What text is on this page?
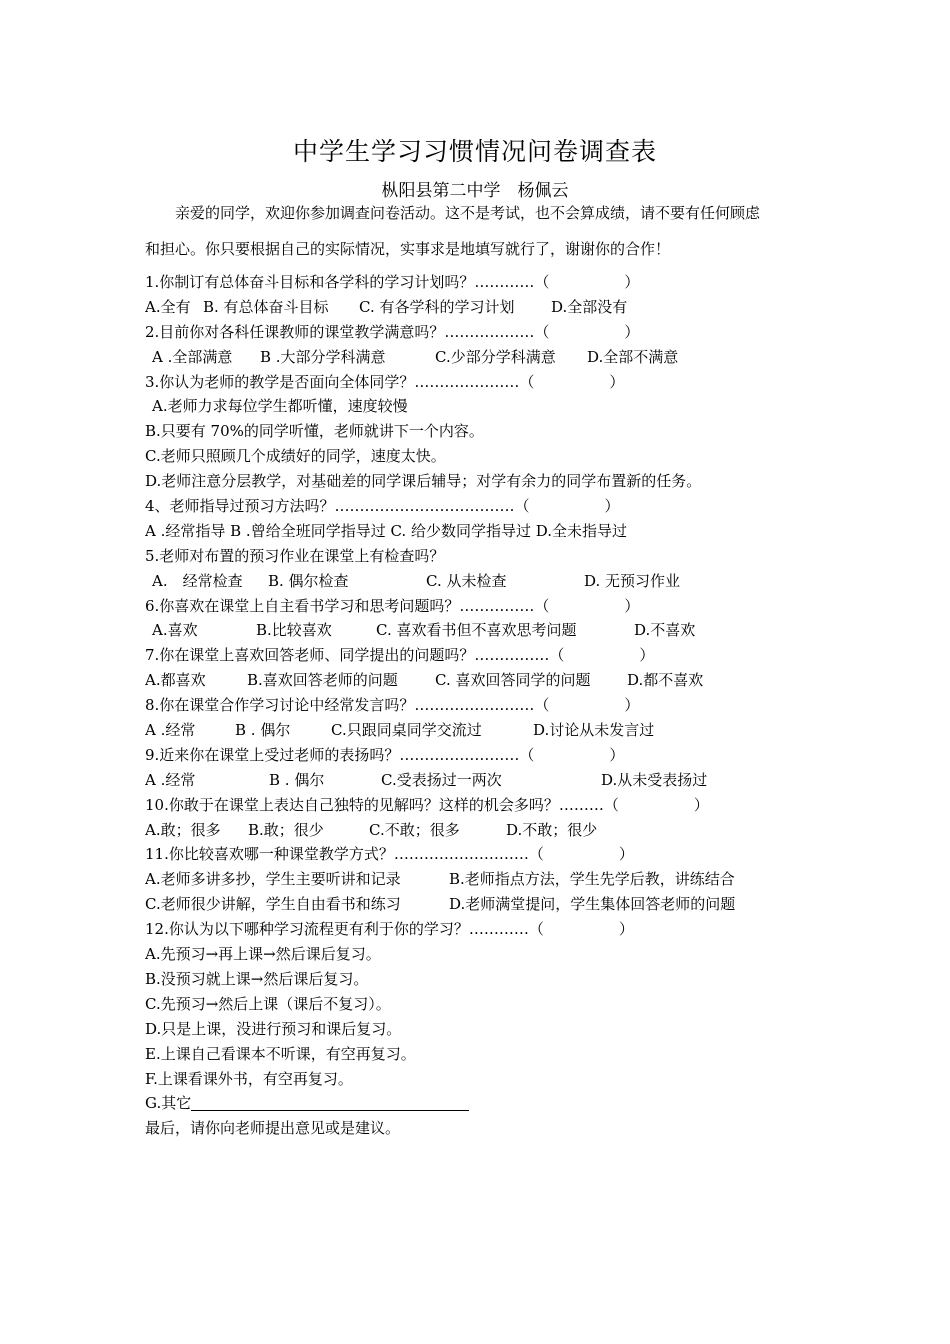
中学生学习习惯情况问卷调查表
枞阳县第二中学　杨佩云
亲爱的同学，欢迎你参加调查问卷活动。这不是考试，也不会算成绩，请不要有任何顾虑
和担心。你只要根据自己的实际情况，实事求是地填写就行了，谢谢你的合作！
1.你制订有总体奋斗目标和各学科的学习计划吗？…………（　　　　　）
A.全有 B. 有总体奋斗目标 C. 有各学科的学习计划 D.全部没有
2.目前你对各科任课教师的课堂教学满意吗？………………（　　　　　）
A .全部满意 B .大部分学科满意	C.少部分学科满意 D.全部不满意
3.你认为老师的教学是否面向全体同学？…………………（　　　　　）
A.老师力求每位学生都听懂，速度较慢
B.只要有 70%的同学听懂，老师就讲下一个内容。
C.老师只照顾几个成绩好的同学，速度太快。
D.老师注意分层教学，对基础差的同学课后辅导；对学有余力的同学布置新的任务。
4、老师指导过预习方法吗？………………………………（　　　　　）
A .经常指导 B .曾给全班同学指导过 C. 给少数同学指导过 D.全未指导过
5.老师对布置的预习作业在课堂上有检查吗？
A.　经常检查 B. 偶尔检查	C. 从未检查	D. 无预习作业
6.你喜欢在课堂上自主看书学习和思考问题吗？……………（　　　　　）
A.喜欢	B.比较喜欢	C. 喜欢看书但不喜欢思考问题	D.不喜欢
7.你在课堂上喜欢回答老师、同学提出的问题吗？……………（　　　　　）
A.都喜欢	B.喜欢回答老师的问题 C. 喜欢回答同学的问题 D.都不喜欢
8.你在课堂合作学习讨论中经常发言吗？……………………（　　　　　）
A .经常	B . 偶尔	C.只跟同桌同学交流过	D.讨论从未发言过
9.近来你在课堂上受过老师的表扬吗？……………………（　　　　　）
A .经常	B . 偶尔	C.受表扬过一两次	D.从未受表扬过
10.你敢于在课堂上表达自己独特的见解吗？这样的机会多吗？………（　　　　　）
A.敢；很多 B.敢；很少	C.不敢；很多	D.不敢；很少
11.你比较喜欢哪一种课堂教学方式？………………………（　　　　　）
A.老师多讲多抄，学生主要听讲和记录	B.老师指点方法，学生先学后教，讲练结合
C.老师很少讲解，学生自由看书和练习	D.老师满堂提问，学生集体回答老师的问题
12.你认为以下哪种学习流程更有利于你的学习？…………（　　　　　）
A.先预习→再上课→然后课后复习。
B.没预习就上课→然后课后复习。
C.先预习→然后上课（课后不复习）。
D.只是上课，没进行预习和课后复习。
E.上课自己看课本不听课，有空再复习。
F.上课看课外书，有空再复习。
G.其它
最后，请你向老师提出意见或是建议。
